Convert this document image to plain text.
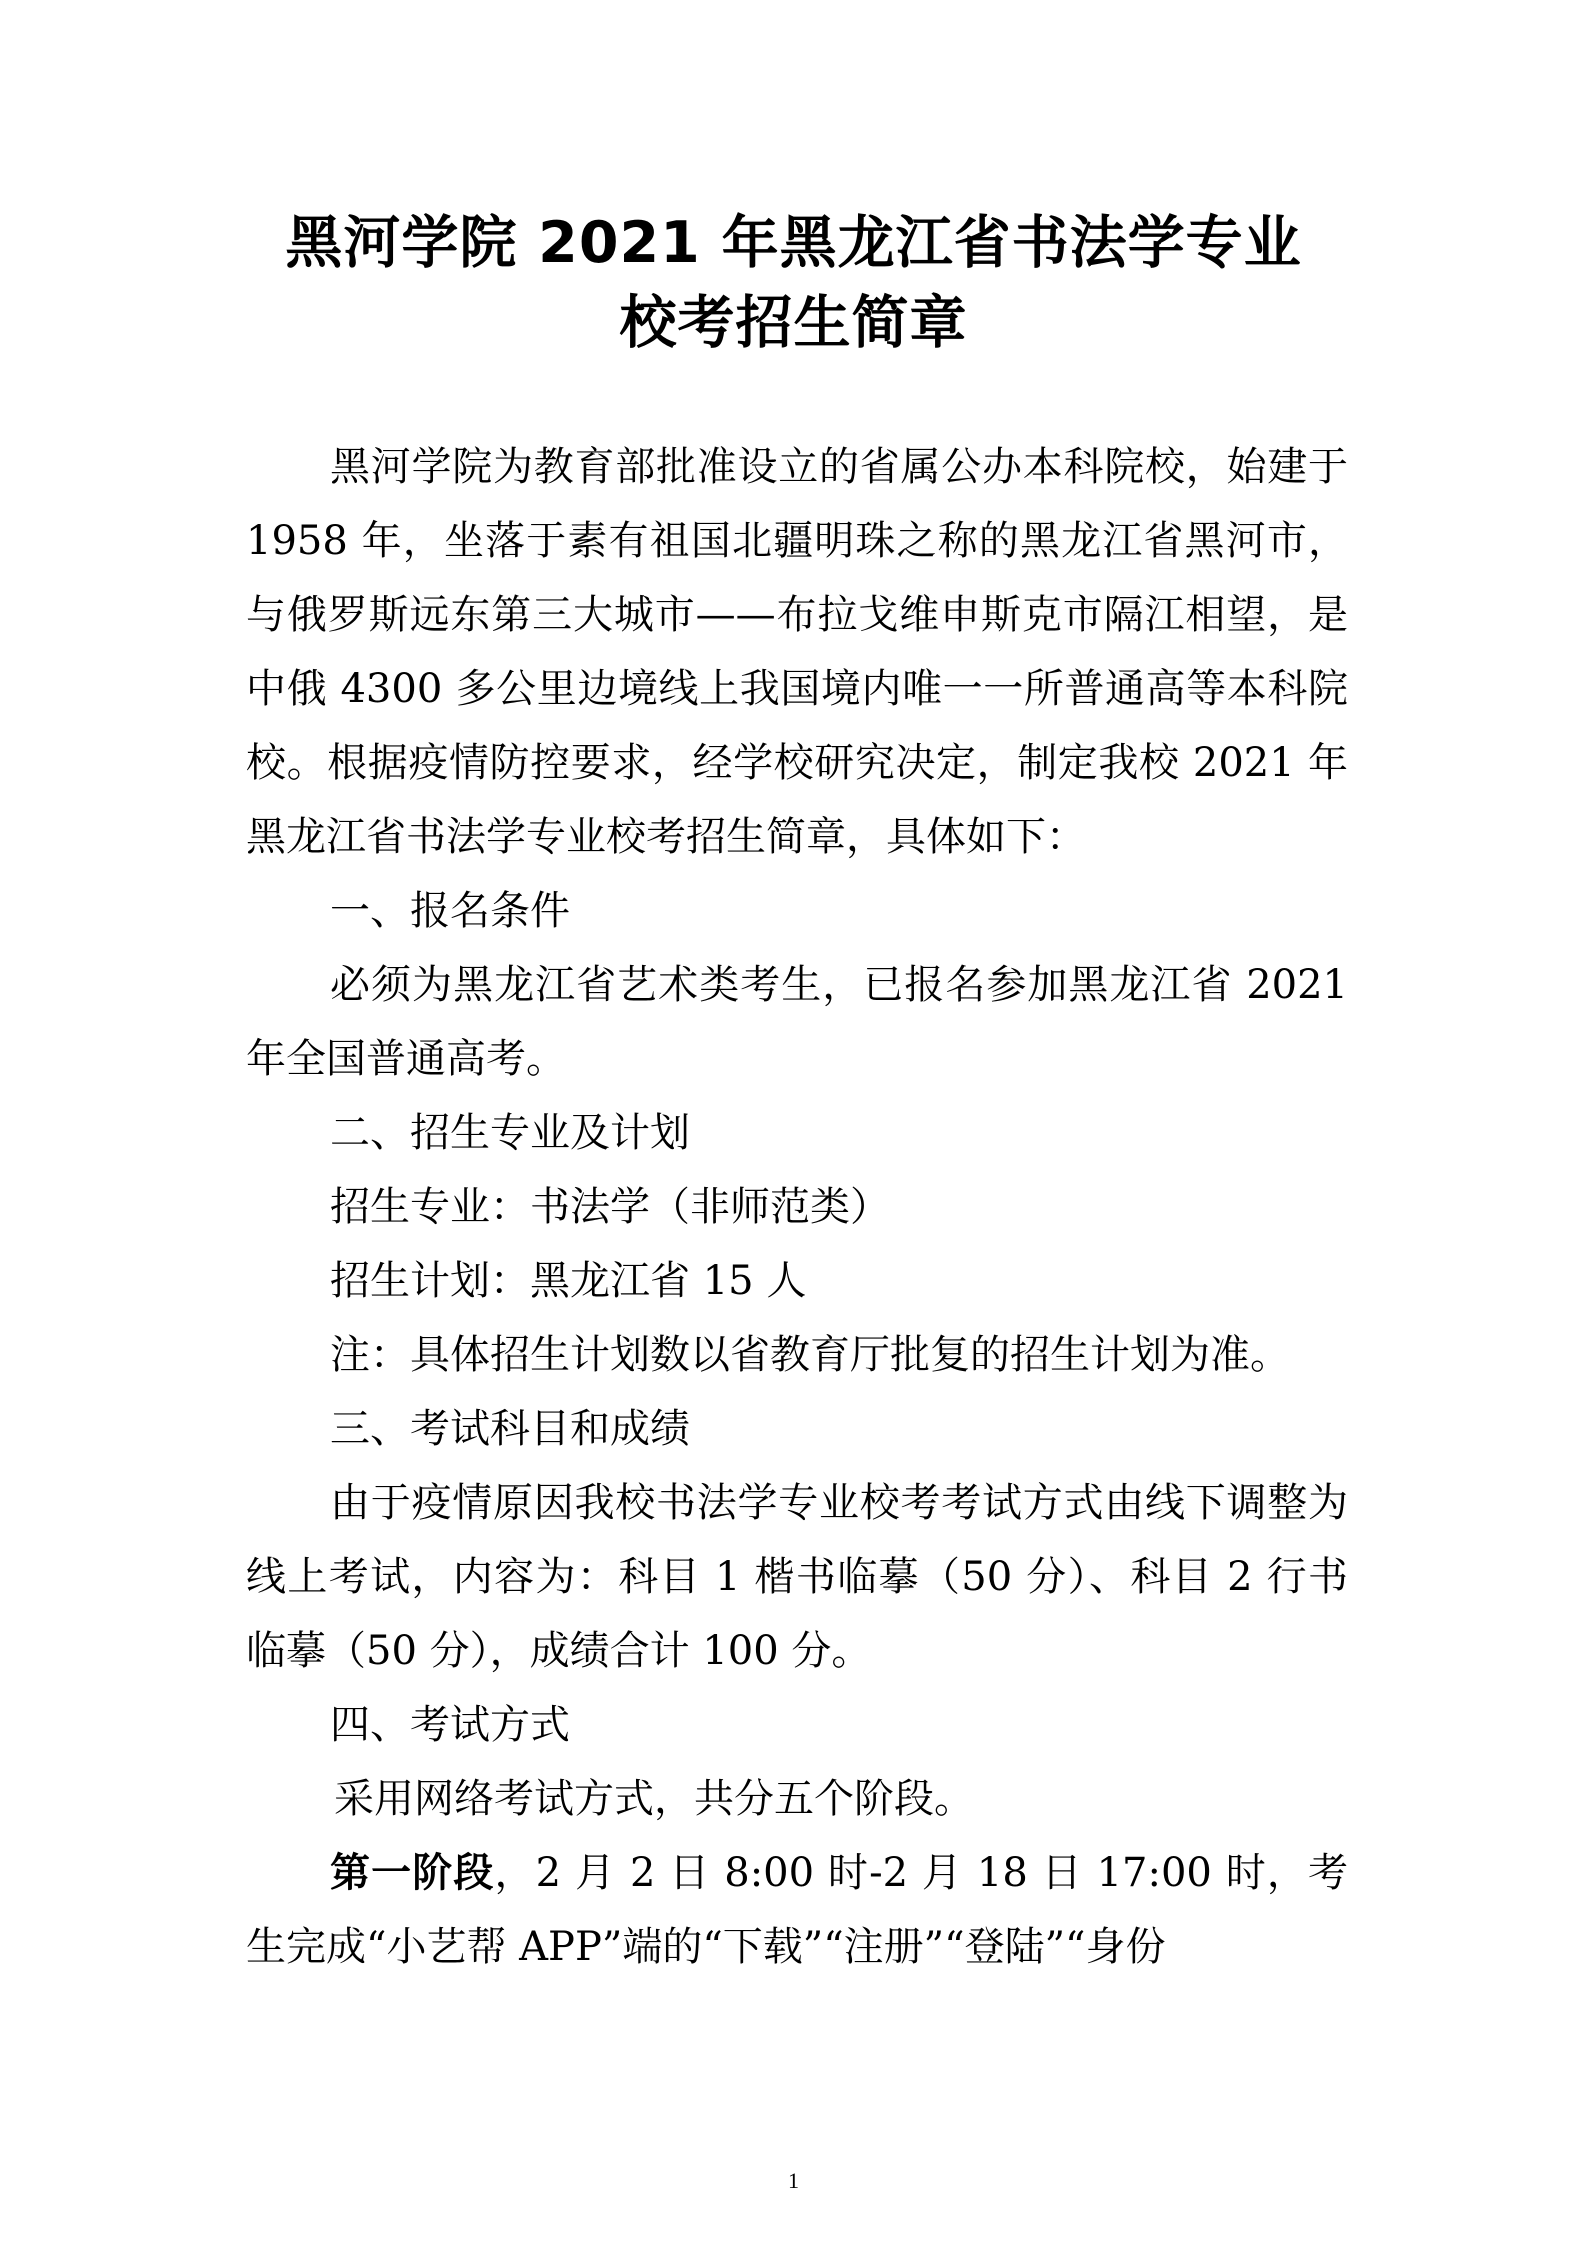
黑河学院 2021 年黑龙江省书法学专业
校考招生简章

黑河学院为教育部批准设立的省属公办本科院校，始建于 1958 年，坐落于素有祖国北疆明珠之称的黑龙江省黑河市，与俄罗斯远东第三大城市——布拉戈维申斯克市隔江相望，是中俄 4300 多公里边境线上我国境内唯一一所普通高等本科院校。根据疫情防控要求，经学校研究决定，制定我校 2021 年黑龙江省书法学专业校考招生简章，具体如下：

一、报名条件

必须为黑龙江省艺术类考生，已报名参加黑龙江省 2021 年全国普通高考。

二、招生专业及计划

招生专业：书法学（非师范类）

招生计划：黑龙江省 15 人

注：具体招生计划数以省教育厅批复的招生计划为准。

三、考试科目和成绩

由于疫情原因我校书法学专业校考考试方式由线下调整为线上考试，内容为：科目 1 楷书临摹（50 分）、科目 2 行书临摹（50 分），成绩合计 100 分。

四、考试方式

采用网络考试方式，共分五个阶段。

第一阶段，2 月 2 日 8:00 时-2 月 18 日 17:00 时，考生完成“小艺帮 APP”端的“下载”“注册”“登陆”“身份

1
